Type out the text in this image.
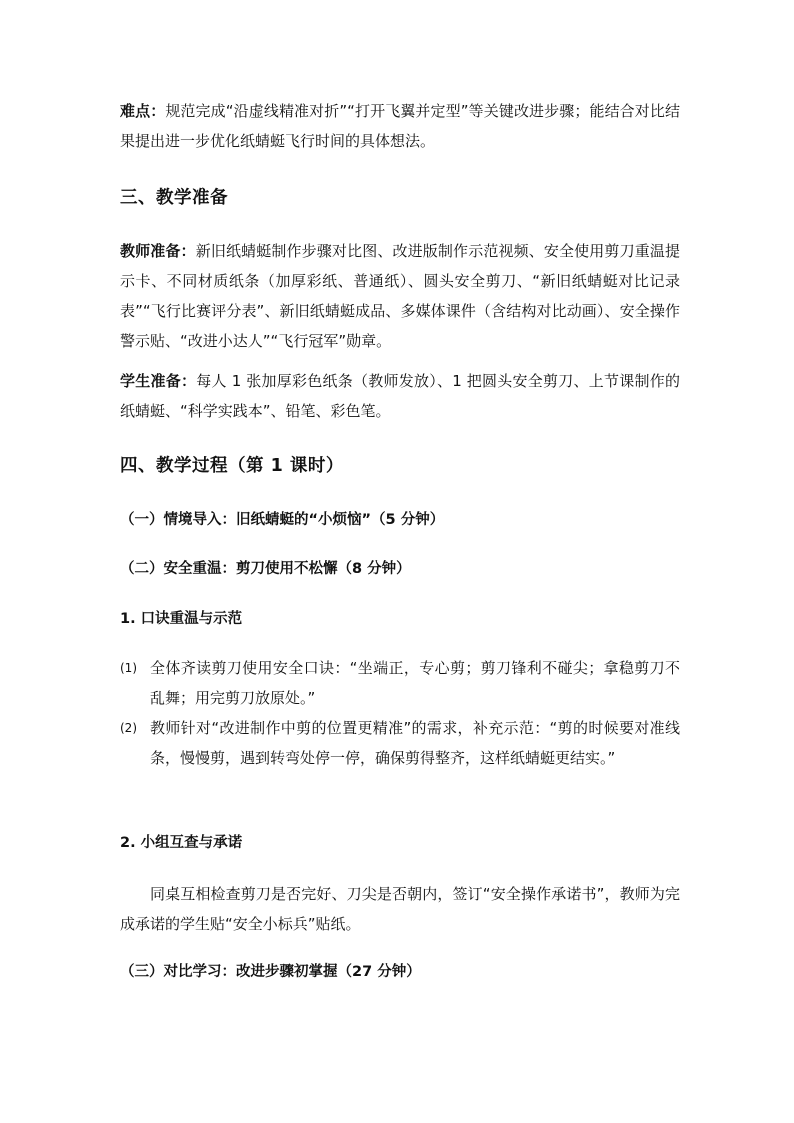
难点：规范完成“沿虚线精准对折”“打开飞翼并定型”等关键改进步骤；能结合对比结果提出进一步优化纸蜻蜓飞行时间的具体想法。

三、教学准备

教师准备：新旧纸蜻蜓制作步骤对比图、改进版制作示范视频、安全使用剪刀重温提示卡、不同材质纸条（加厚彩纸、普通纸）、圆头安全剪刀、“新旧纸蜻蜓对比记录表”“飞行比赛评分表”、新旧纸蜻蜓成品、多媒体课件（含结构对比动画）、安全操作警示贴、“改进小达人”“飞行冠军”勋章。

学生准备：每人 1 张加厚彩色纸条（教师发放）、1 把圆头安全剪刀、上节课制作的纸蜻蜓、“科学实践本”、铅笔、彩色笔。

四、教学过程（第 1 课时）

（一）情境导入：旧纸蜻蜓的“小烦恼”（5 分钟）

（二）安全重温：剪刀使用不松懈（8 分钟）

1. 口诀重温与示范

(1) 全体齐读剪刀使用安全口诀：“坐端正，专心剪；剪刀锋利不碰尖；拿稳剪刀不乱舞；用完剪刀放原处。”

(2) 教师针对“改进制作中剪的位置更精准”的需求，补充示范：“剪的时候要对准线条，慢慢剪，遇到转弯处停一停，确保剪得整齐，这样纸蜻蜓更结实。”

2. 小组互查与承诺

同桌互相检查剪刀是否完好、刀尖是否朝内，签订“安全操作承诺书”，教师为完成承诺的学生贴“安全小标兵”贴纸。

（三）对比学习：改进步骤初掌握（27 分钟）
